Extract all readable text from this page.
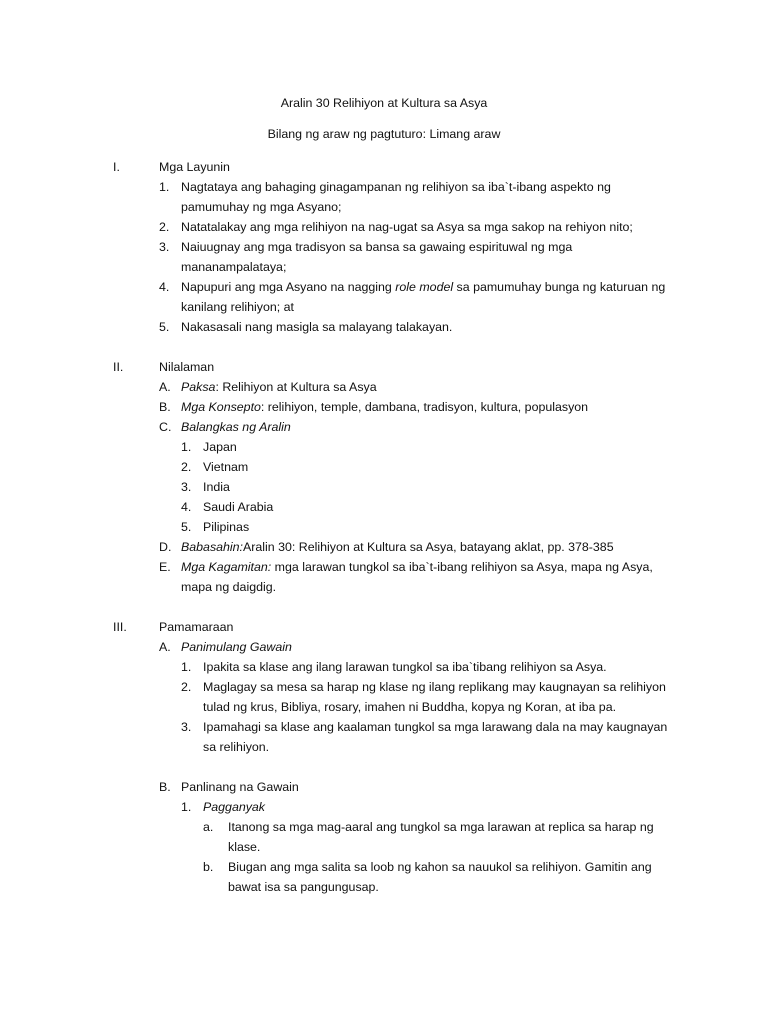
Aralin 30 Relihiyon at Kultura sa Asya
Bilang ng araw ng pagtuturo: Limang araw
I.	Mga Layunin
1. Nagtataya ang bahaging ginagampanan ng relihiyon sa iba`t-ibang aspekto ng
pamumuhay ng mga Asyano;
2. Natatalakay ang mga relihiyon na nag-ugat sa Asya sa mga sakop na rehiyon nito;
3. Naiuugnay ang mga tradisyon sa bansa sa gawaing espirituwal ng mga
mananampalataya;
4. Napupuri ang mga Asyano na nagging role model sa pamumuhay bunga ng katuruan ng
kanilang relihiyon; at
5. Nakasasali nang masigla sa malayang talakayan.
II.	Nilalaman
A. Paksa: Relihiyon at Kultura sa Asya
B. Mga Konsepto: relihiyon, temple, dambana, tradisyon, kultura, populasyon
C. Balangkas ng Aralin
1. Japan
2. Vietnam
3. India
4. Saudi Arabia
5. Pilipinas
D. Babasahin:Aralin 30: Relihiyon at Kultura sa Asya, batayang aklat, pp. 378-385
E. Mga Kagamitan: mga larawan tungkol sa iba`t-ibang relihiyon sa Asya, mapa ng Asya,
mapa ng daigdig.
III.	Pamamaraan
A. Panimulang Gawain
1. Ipakita sa klase ang ilang larawan tungkol sa iba`tibang relihiyon sa Asya.
2. Maglagay sa mesa sa harap ng klase ng ilang replikang may kaugnayan sa relihiyon
tulad ng krus, Bibliya, rosary, imahen ni Buddha, kopya ng Koran, at iba pa.
3. Ipamahagi sa klase ang kaalaman tungkol sa mga larawang dala na may kaugnayan
sa relihiyon.
B. Panlinang na Gawain
1. Pagganyak
a. Itanong sa mga mag-aaral ang tungkol sa mga larawan at replica sa harap ng
klase.
b. Biugan ang mga salita sa loob ng kahon sa nauukol sa relihiyon. Gamitin ang
bawat isa sa pangungusap.
